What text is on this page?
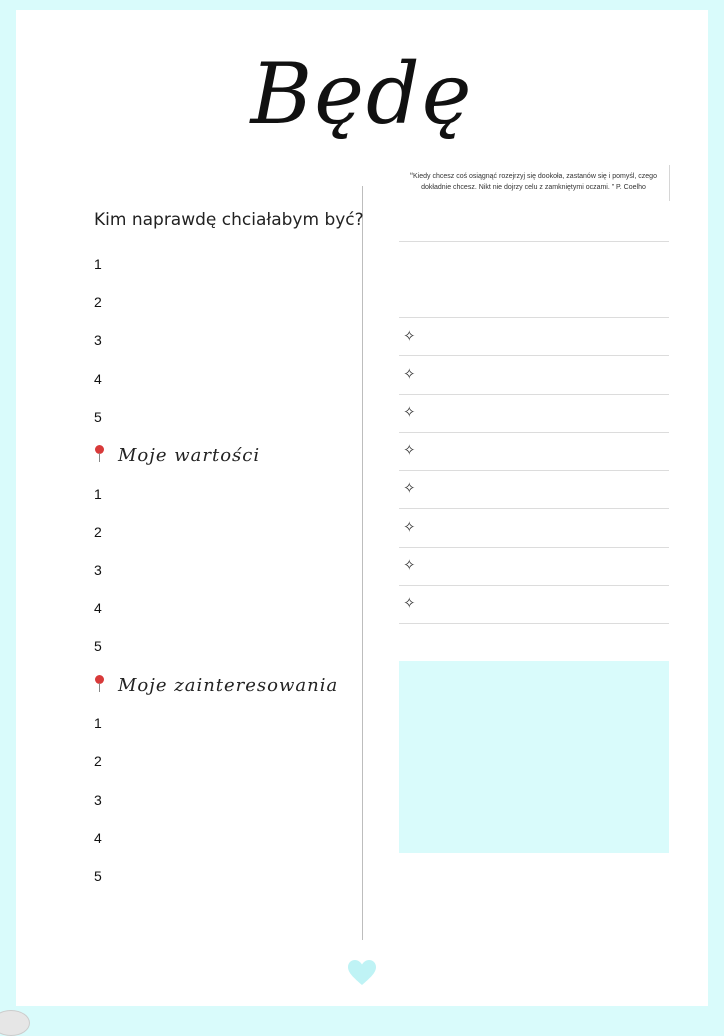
Będę
“Kiedy chcesz coś osiągnąć rozejrzyj się dookoła, zastanów się i pomyśl, czego dokładnie chcesz. Nikt nie dojrzy celu z zamkniętymi oczami. ” P. Coelho
Kim naprawdę chciałabym być?
1
2
3
4
5
Moje wartości
1
2
3
4
5
Moje zainteresowania
1
2
3
4
5
✧
✧
✧
✧
✧
✧
✧
✧
